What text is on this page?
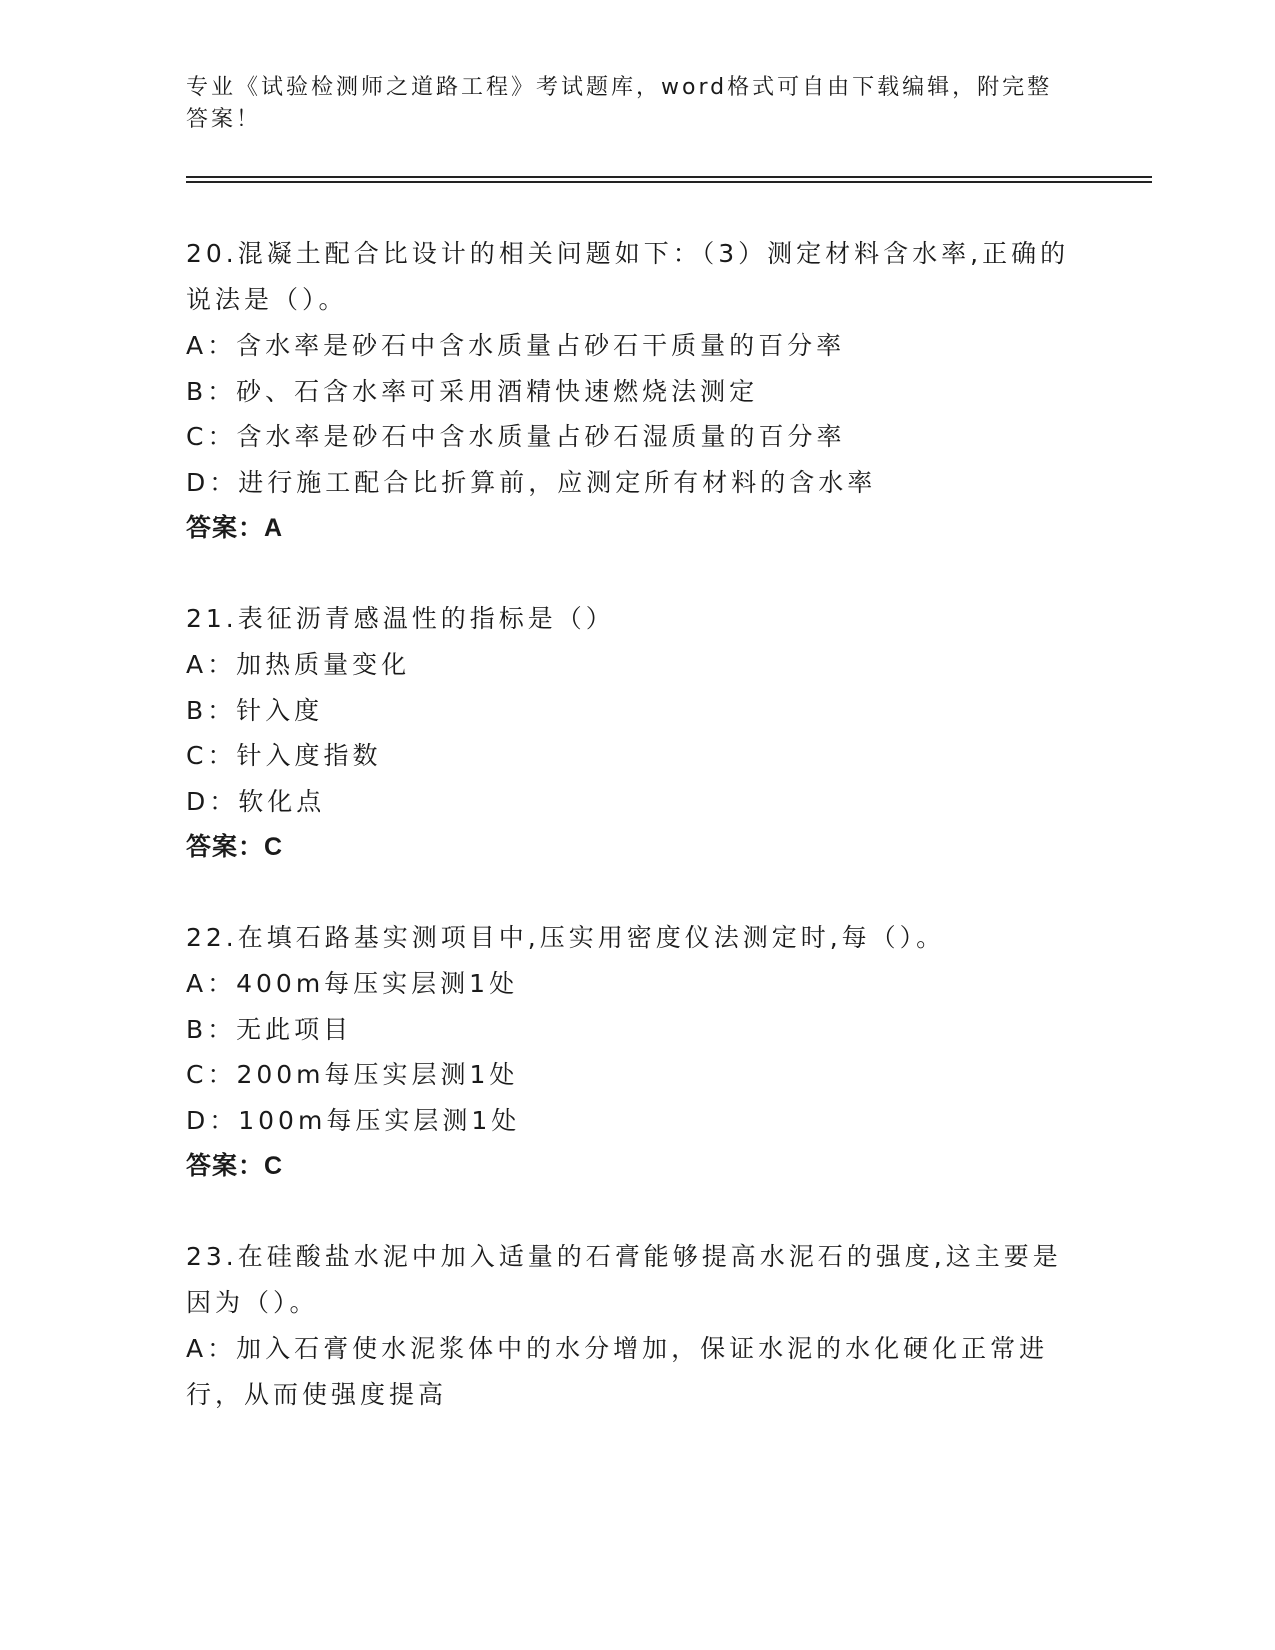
专业《试验检测师之道路工程》考试题库，word格式可自由下载编辑，附完整答案！

20.混凝土配合比设计的相关问题如下：（3）测定材料含水率,正确的说法是（）。

A：含水率是砂石中含水质量占砂石干质量的百分率
B：砂、石含水率可采用酒精快速燃烧法测定
C：含水率是砂石中含水质量占砂石湿质量的百分率
D：进行施工配合比折算前，应测定所有材料的含水率

答案：A

21.表征沥青感温性的指标是（）

A：加热质量变化
B：针入度
C：针入度指数
D：软化点

答案：C

22.在填石路基实测项目中,压实用密度仪法测定时,每（）。

A：400m每压实层测1处
B：无此项目
C：200m每压实层测1处
D：100m每压实层测1处

答案：C

23.在硅酸盐水泥中加入适量的石膏能够提高水泥石的强度,这主要是因为（）。

A：加入石膏使水泥浆体中的水分增加，保证水泥的水化硬化正常进行，从而使强度提高
